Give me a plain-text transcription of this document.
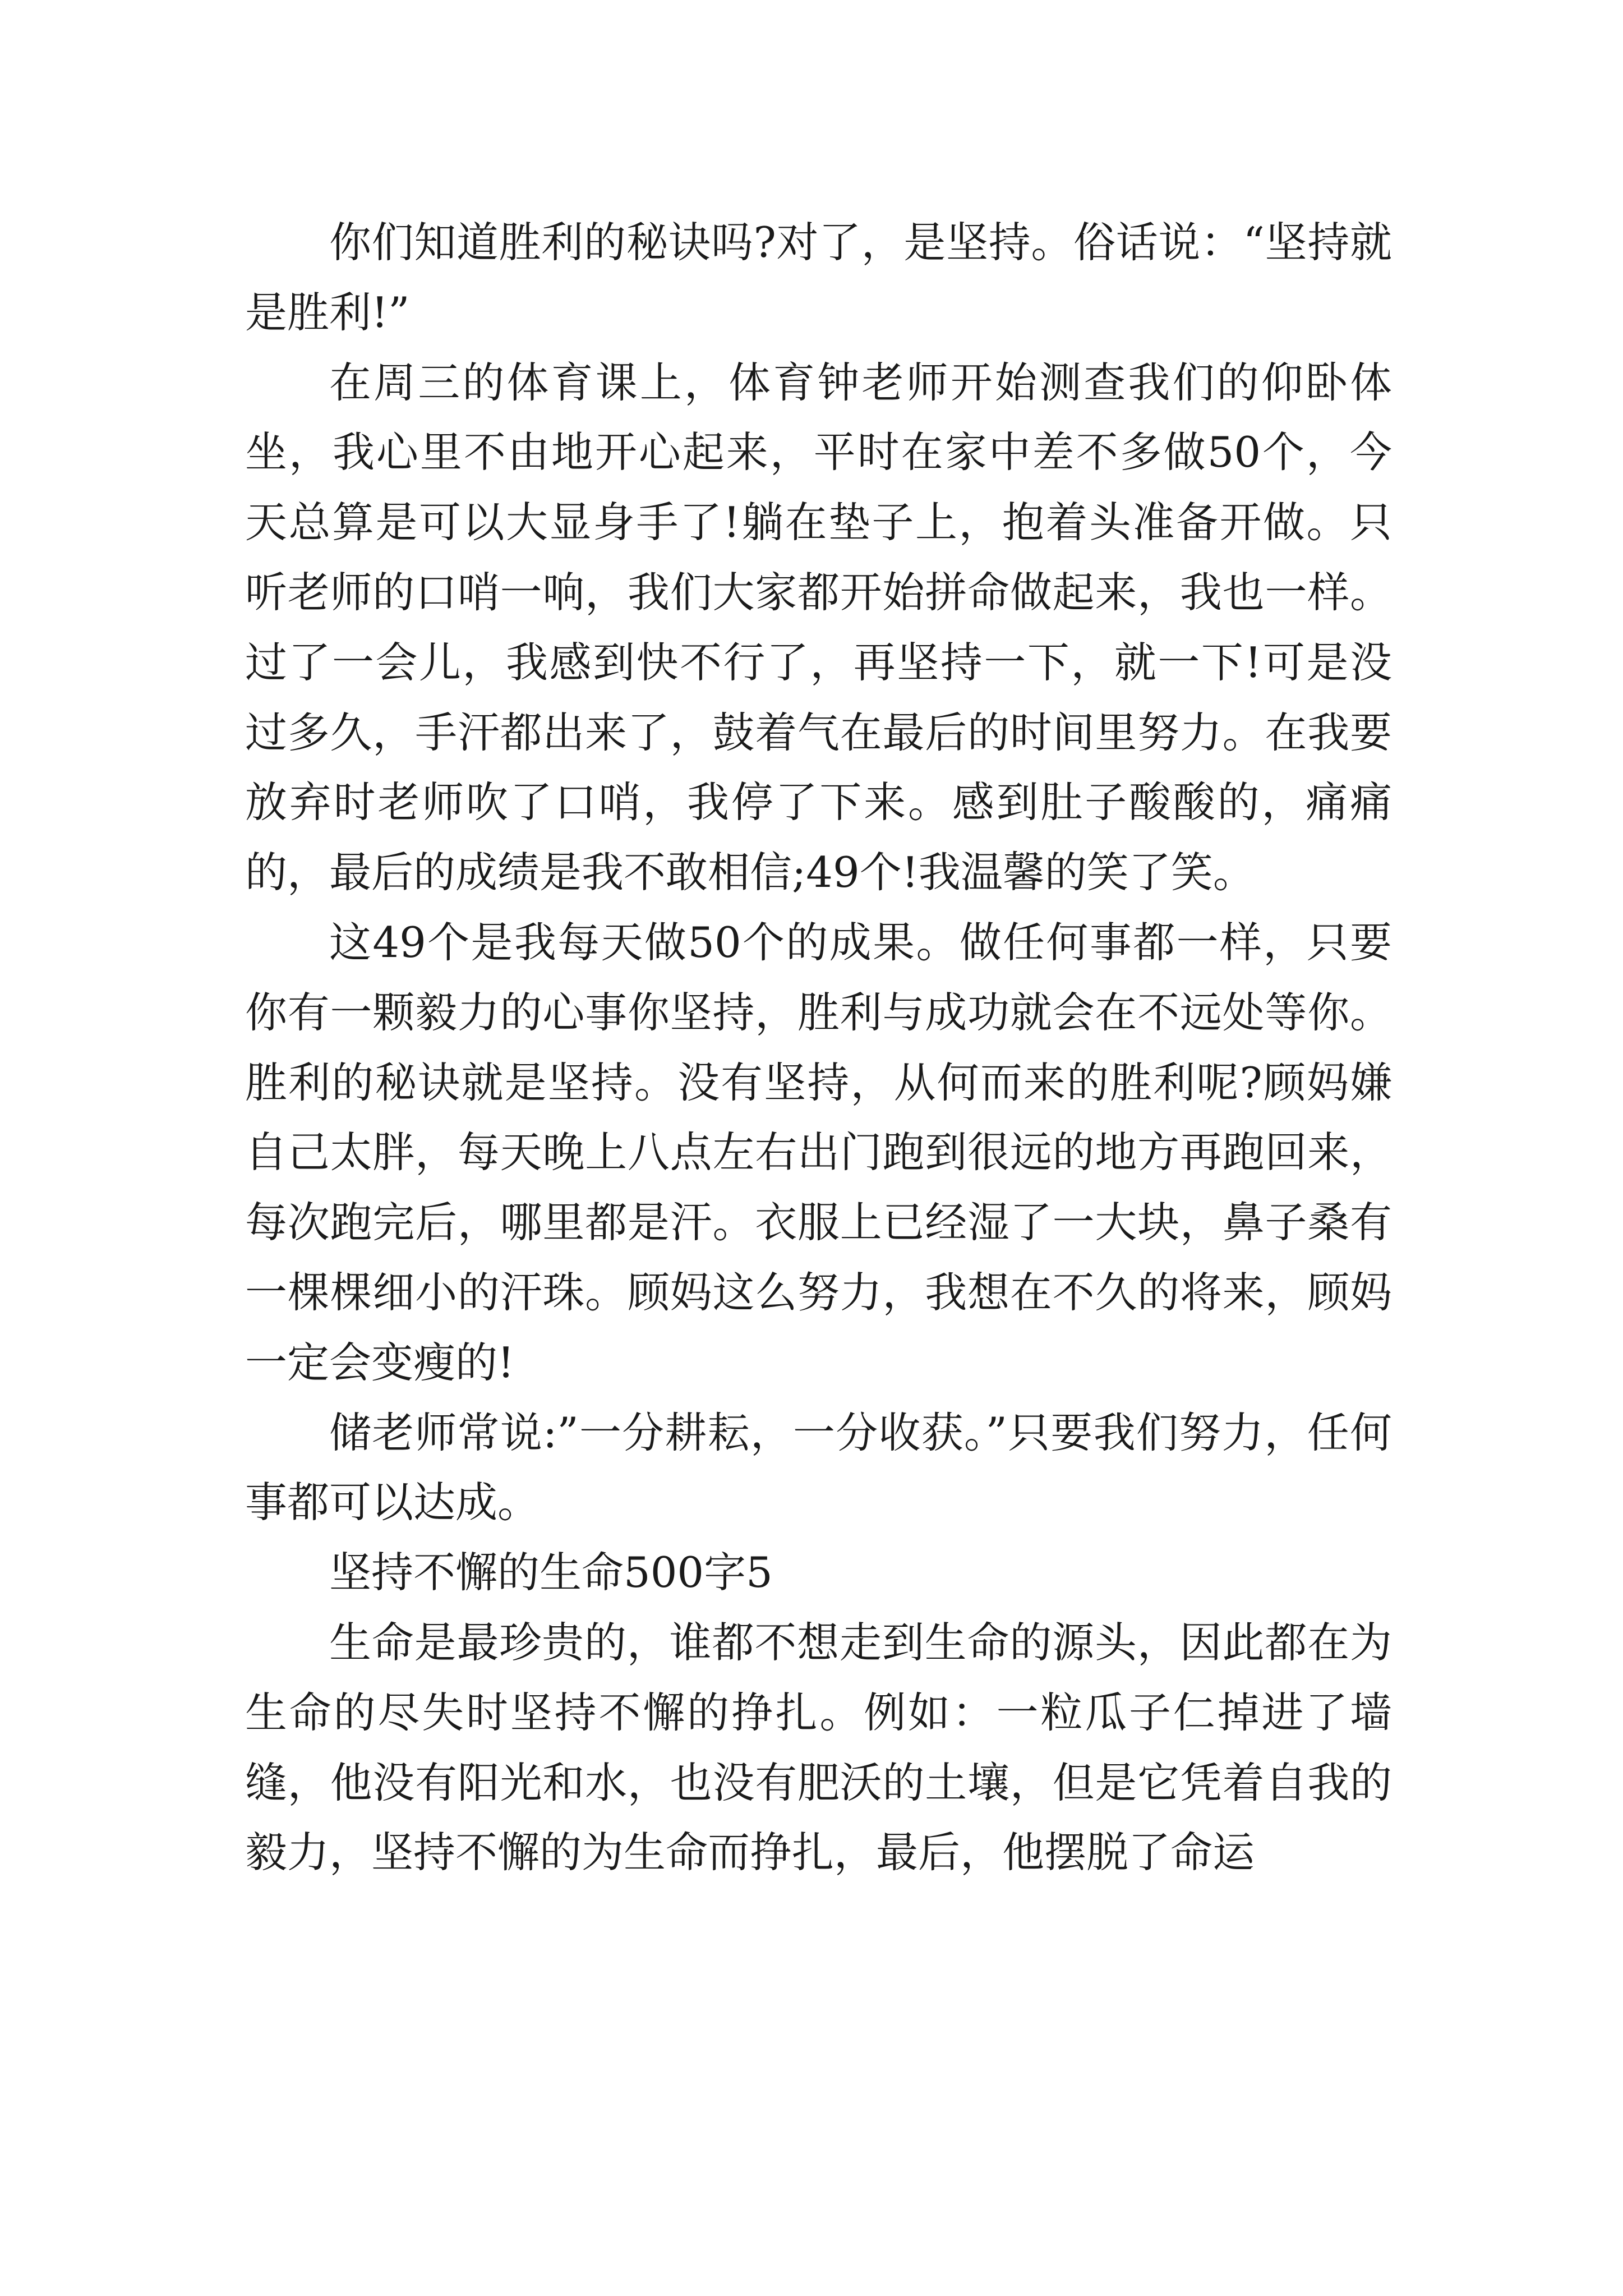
你们知道胜利的秘诀吗?对了，是坚持。俗话说：“坚持就是胜利!”

在周三的体育课上，体育钟老师开始测查我们的仰卧体坐，我心里不由地开心起来，平时在家中差不多做50个，今天总算是可以大显身手了!躺在垫子上，抱着头准备开做。只听老师的口哨一响，我们大家都开始拼命做起来，我也一样。过了一会儿，我感到快不行了，再坚持一下，就一下!可是没过多久，手汗都出来了，鼓着气在最后的时间里努力。在我要放弃时老师吹了口哨，我停了下来。感到肚子酸酸的，痛痛的，最后的成绩是我不敢相信;49个!我温馨的笑了笑。

这49个是我每天做50个的成果。做任何事都一样，只要你有一颗毅力的心事你坚持，胜利与成功就会在不远处等你。胜利的秘诀就是坚持。没有坚持，从何而来的胜利呢?顾妈嫌自己太胖，每天晚上八点左右出门跑到很远的地方再跑回来，每次跑完后，哪里都是汗。衣服上已经湿了一大块，鼻子桑有一棵棵细小的汗珠。顾妈这么努力，我想在不久的将来，顾妈一定会变瘦的!

储老师常说:”一分耕耘，一分收获。”只要我们努力，任何事都可以达成。

坚持不懈的生命500字5

生命是最珍贵的，谁都不想走到生命的源头，因此都在为生命的尽失时坚持不懈的挣扎。例如：一粒瓜子仁掉进了墙缝，他没有阳光和水，也没有肥沃的土壤，但是它凭着自我的毅力，坚持不懈的为生命而挣扎，最后，他摆脱了命运
